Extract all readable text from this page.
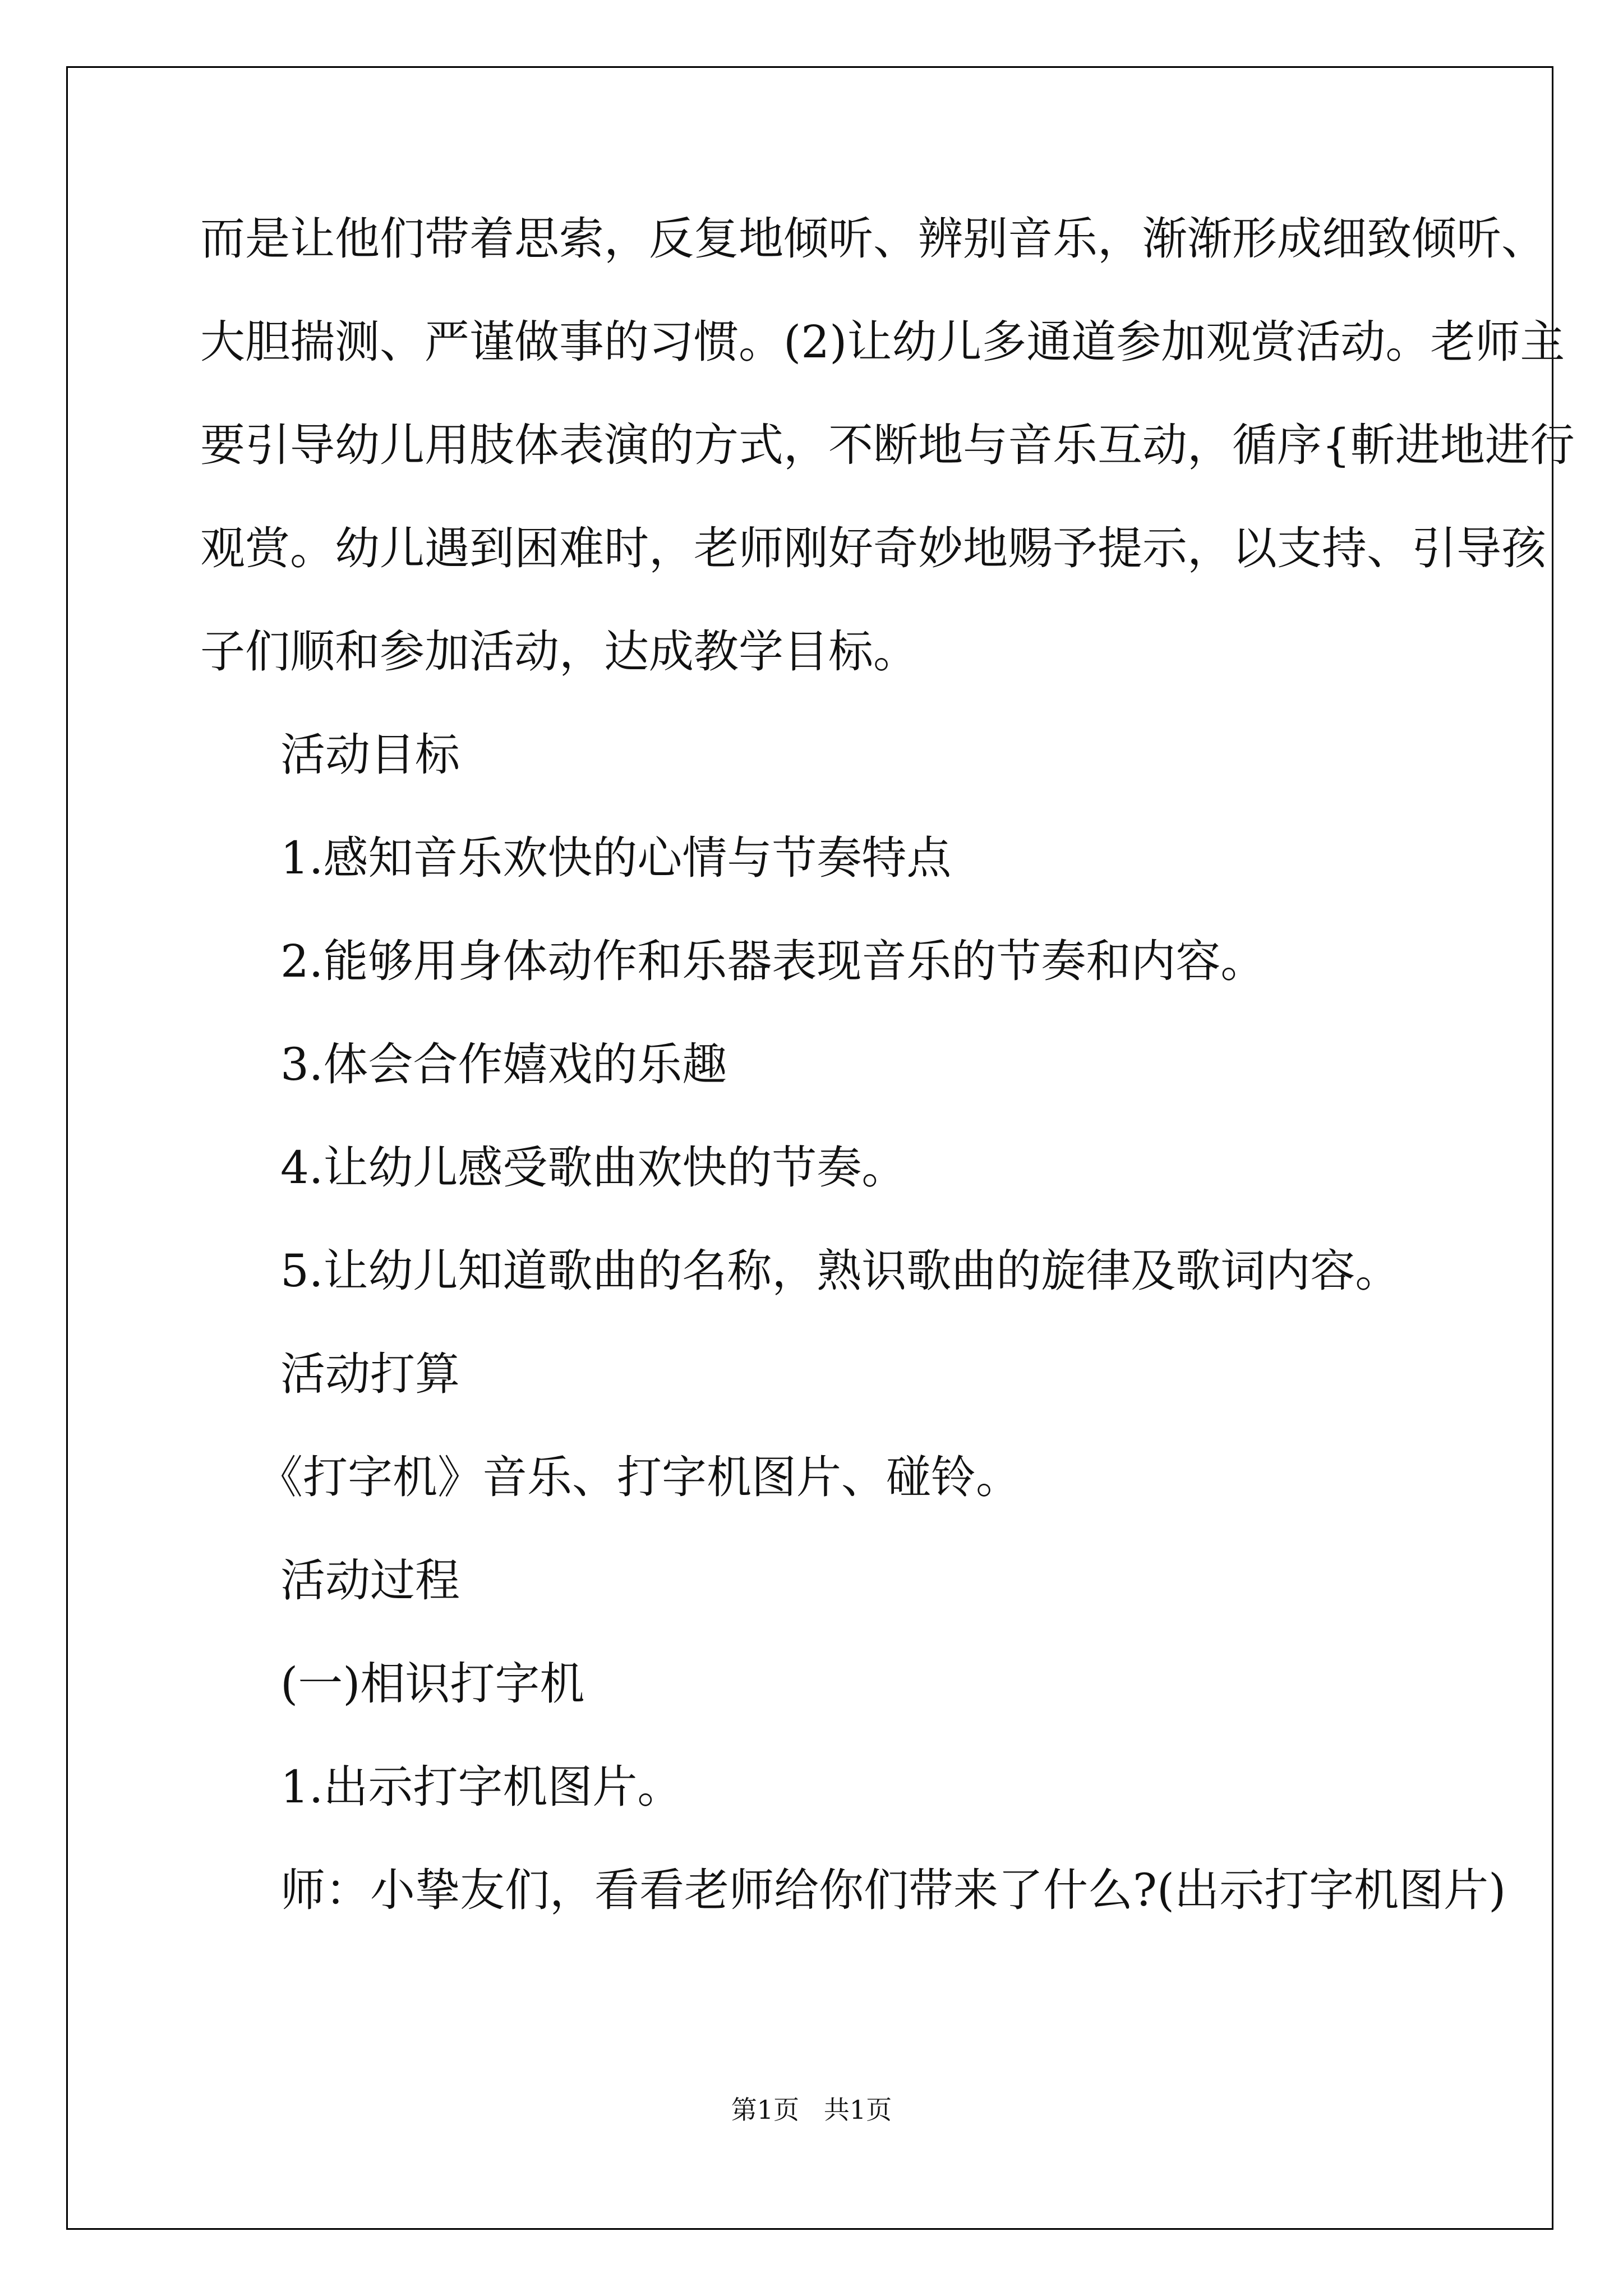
而是让他们带着思索，反复地倾听、辨别音乐，渐渐形成细致倾听、
大胆揣测、严谨做事的习惯。(2)让幼儿多通道参加观赏活动。老师主
要引导幼儿用肢体表演的方式，不断地与音乐互动，循序{斬进地进行
观赏。幼儿遇到困难时，老师刚好奇妙地赐予提示，以支持、引导孩
子们顺和参加活动，达成教学目标。
活动目标
1.感知音乐欢快的心情与节奏特点
2.能够用身体动作和乐器表现音乐的节奏和内容。
3.体会合作嬉戏的乐趣
4.让幼儿感受歌曲欢快的节奏。
5.让幼儿知道歌曲的名称，熟识歌曲的旋律及歌词内容。
活动打算
《打字机》音乐、打字机图片、碰铃。
活动过程
(一)相识打字机
1.出示打字机图片。
师：小挚友们，看看老师给你们带来了什么?(出示打字机图片)
第1页   共1页
